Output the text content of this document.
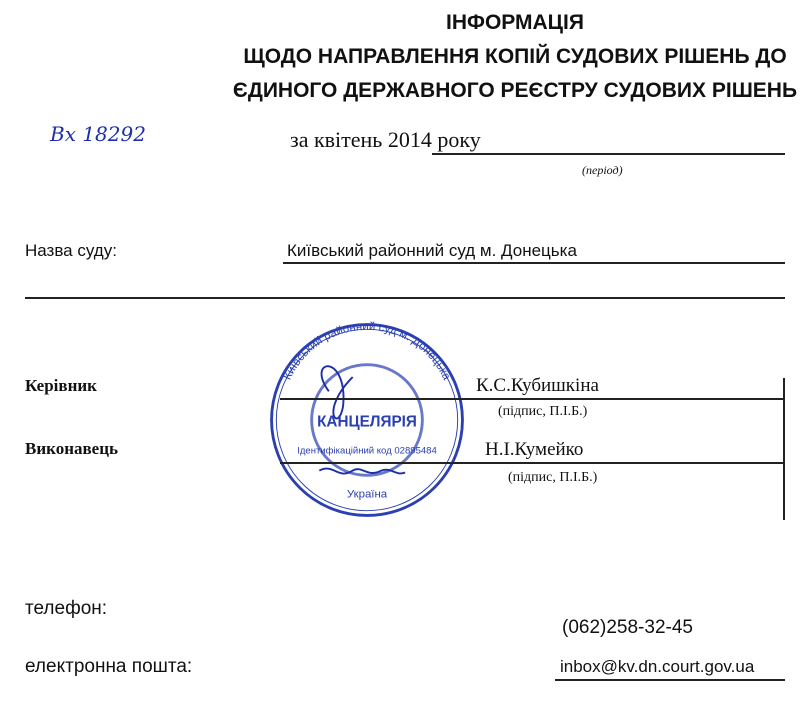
ІНФОРМАЦІЯ
ЩОДО НАПРАВЛЕННЯ КОПІЙ СУДОВИХ РІШЕНЬ ДО
ЄДИНОГО ДЕРЖАВНОГО РЕЄСТРУ СУДОВИХ РІШЕНЬ
Вх 18292	за квітень 2014 року
(період)
Назва суду:	Київський районний суд м. Донецька
Київський районний суд м. Донецька
КАНЦЕЛЯРІЯ
Ідентифікаційний код 02895484
Україна
Керівник	К.С.Кубишкіна
(підпис, П.І.Б.)
Виконавець	Н.І.Кумейко
(підпис, П.І.Б.)
телефон:
(062)258-32-45
електронна пошта:	inbox@kv.dn.court.gov.ua
